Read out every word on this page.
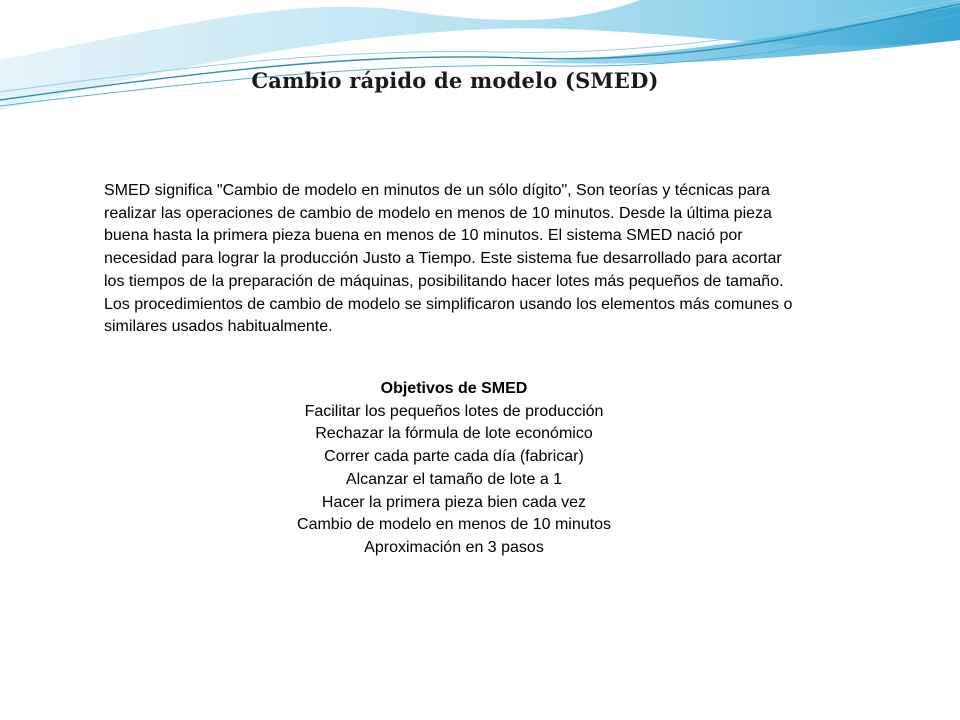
Cambio rápido de modelo (SMED)
SMED significa "Cambio de modelo en minutos de un sólo dígito", Son teorías y técnicas para realizar las operaciones de cambio de modelo en menos de 10 minutos. Desde la última pieza buena hasta la primera pieza buena en menos de 10 minutos. El sistema SMED nació por necesidad para lograr la producción Justo a Tiempo. Este sistema fue desarrollado para acortar los tiempos de la preparación de máquinas, posibilitando hacer lotes más pequeños de tamaño. Los procedimientos de cambio de modelo se simplificaron usando los elementos más comunes o similares usados habitualmente.
Objetivos de SMED
Facilitar los pequeños lotes de producción
Rechazar la fórmula de lote económico
Correr cada parte cada día (fabricar)
Alcanzar el tamaño de lote a 1
Hacer la primera pieza bien cada vez
Cambio de modelo en menos de 10 minutos
Aproximación en 3 pasos
